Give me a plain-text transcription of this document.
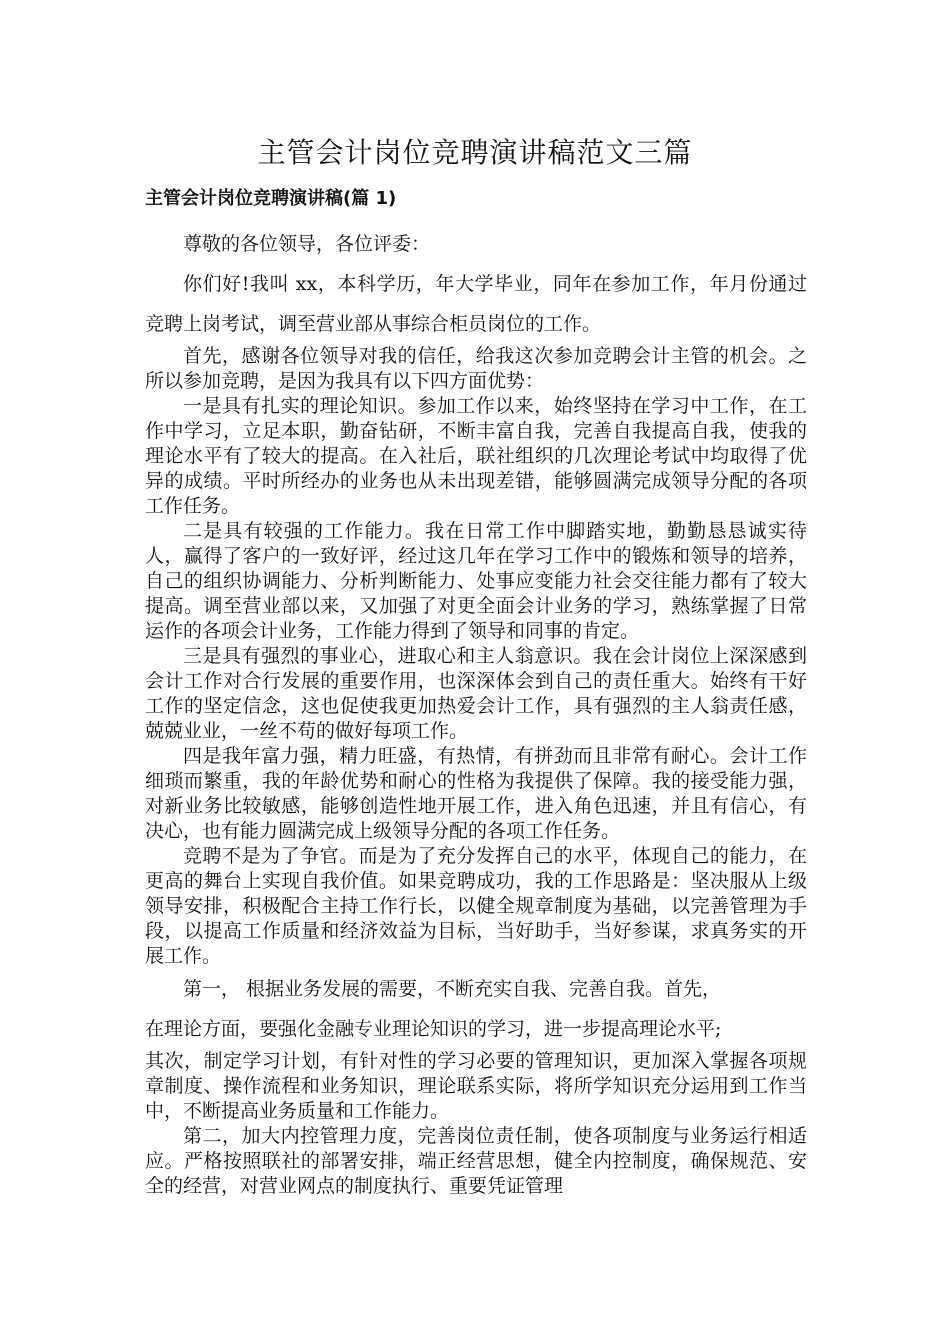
主管会计岗位竞聘演讲稿范文三篇
主管会计岗位竞聘演讲稿(篇 1)

尊敬的各位领导，各位评委：

你们好!我叫 xx，本科学历，年大学毕业，同年在参加工作，年月份通过竞聘上岗考试，调至营业部从事综合柜员岗位的工作。

首先，感谢各位领导对我的信任，给我这次参加竞聘会计主管的机会。之所以参加竞聘，是因为我具有以下四方面优势：

一是具有扎实的理论知识。参加工作以来，始终坚持在学习中工作，在工作中学习，立足本职，勤奋钻研，不断丰富自我，完善自我提高自我，使我的理论水平有了较大的提高。在入社后，联社组织的几次理论考试中均取得了优异的成绩。平时所经办的业务也从未出现差错，能够圆满完成领导分配的各项工作任务。

二是具有较强的工作能力。我在日常工作中脚踏实地，勤勤恳恳诚实待人，赢得了客户的一致好评，经过这几年在学习工作中的锻炼和领导的培养，自己的组织协调能力、分析判断能力、处事应变能力社会交往能力都有了较大提高。调至营业部以来，又加强了对更全面会计业务的学习，熟练掌握了日常运作的各项会计业务，工作能力得到了领导和同事的肯定。

三是具有强烈的事业心，进取心和主人翁意识。我在会计岗位上深深感到会计工作对合行发展的重要作用，也深深体会到自己的责任重大。始终有干好工作的坚定信念，这也促使我更加热爱会计工作，具有强烈的主人翁责任感，兢兢业业，一丝不苟的做好每项工作。

四是我年富力强，精力旺盛，有热情，有拼劲而且非常有耐心。会计工作细琐而繁重，我的年龄优势和耐心的性格为我提供了保障。我的接受能力强，对新业务比较敏感，能够创造性地开展工作，进入角色迅速，并且有信心，有决心，也有能力圆满完成上级领导分配的各项工作任务。

竞聘不是为了争官。而是为了充分发挥自己的水平，体现自己的能力，在更高的舞台上实现自我价值。如果竞聘成功，我的工作思路是：坚决服从上级领导安排，积极配合主持工作行长，以健全规章制度为基础，以完善管理为手段，以提高工作质量和经济效益为目标，当好助手，当好参谋，求真务实的开展工作。

第一， 根据业务发展的需要，不断充实自我、完善自我。首先，

在理论方面，要强化金融专业理论知识的学习，进一步提高理论水平;

其次，制定学习计划，有针对性的学习必要的管理知识，更加深入掌握各项规章制度、操作流程和业务知识，理论联系实际，将所学知识充分运用到工作当中，不断提高业务质量和工作能力。

第二，加大内控管理力度，完善岗位责任制，使各项制度与业务运行相适应。严格按照联社的部署安排，端正经营思想，健全内控制度，确保规范、安全的经营，对营业网点的制度执行、重要凭证管理
